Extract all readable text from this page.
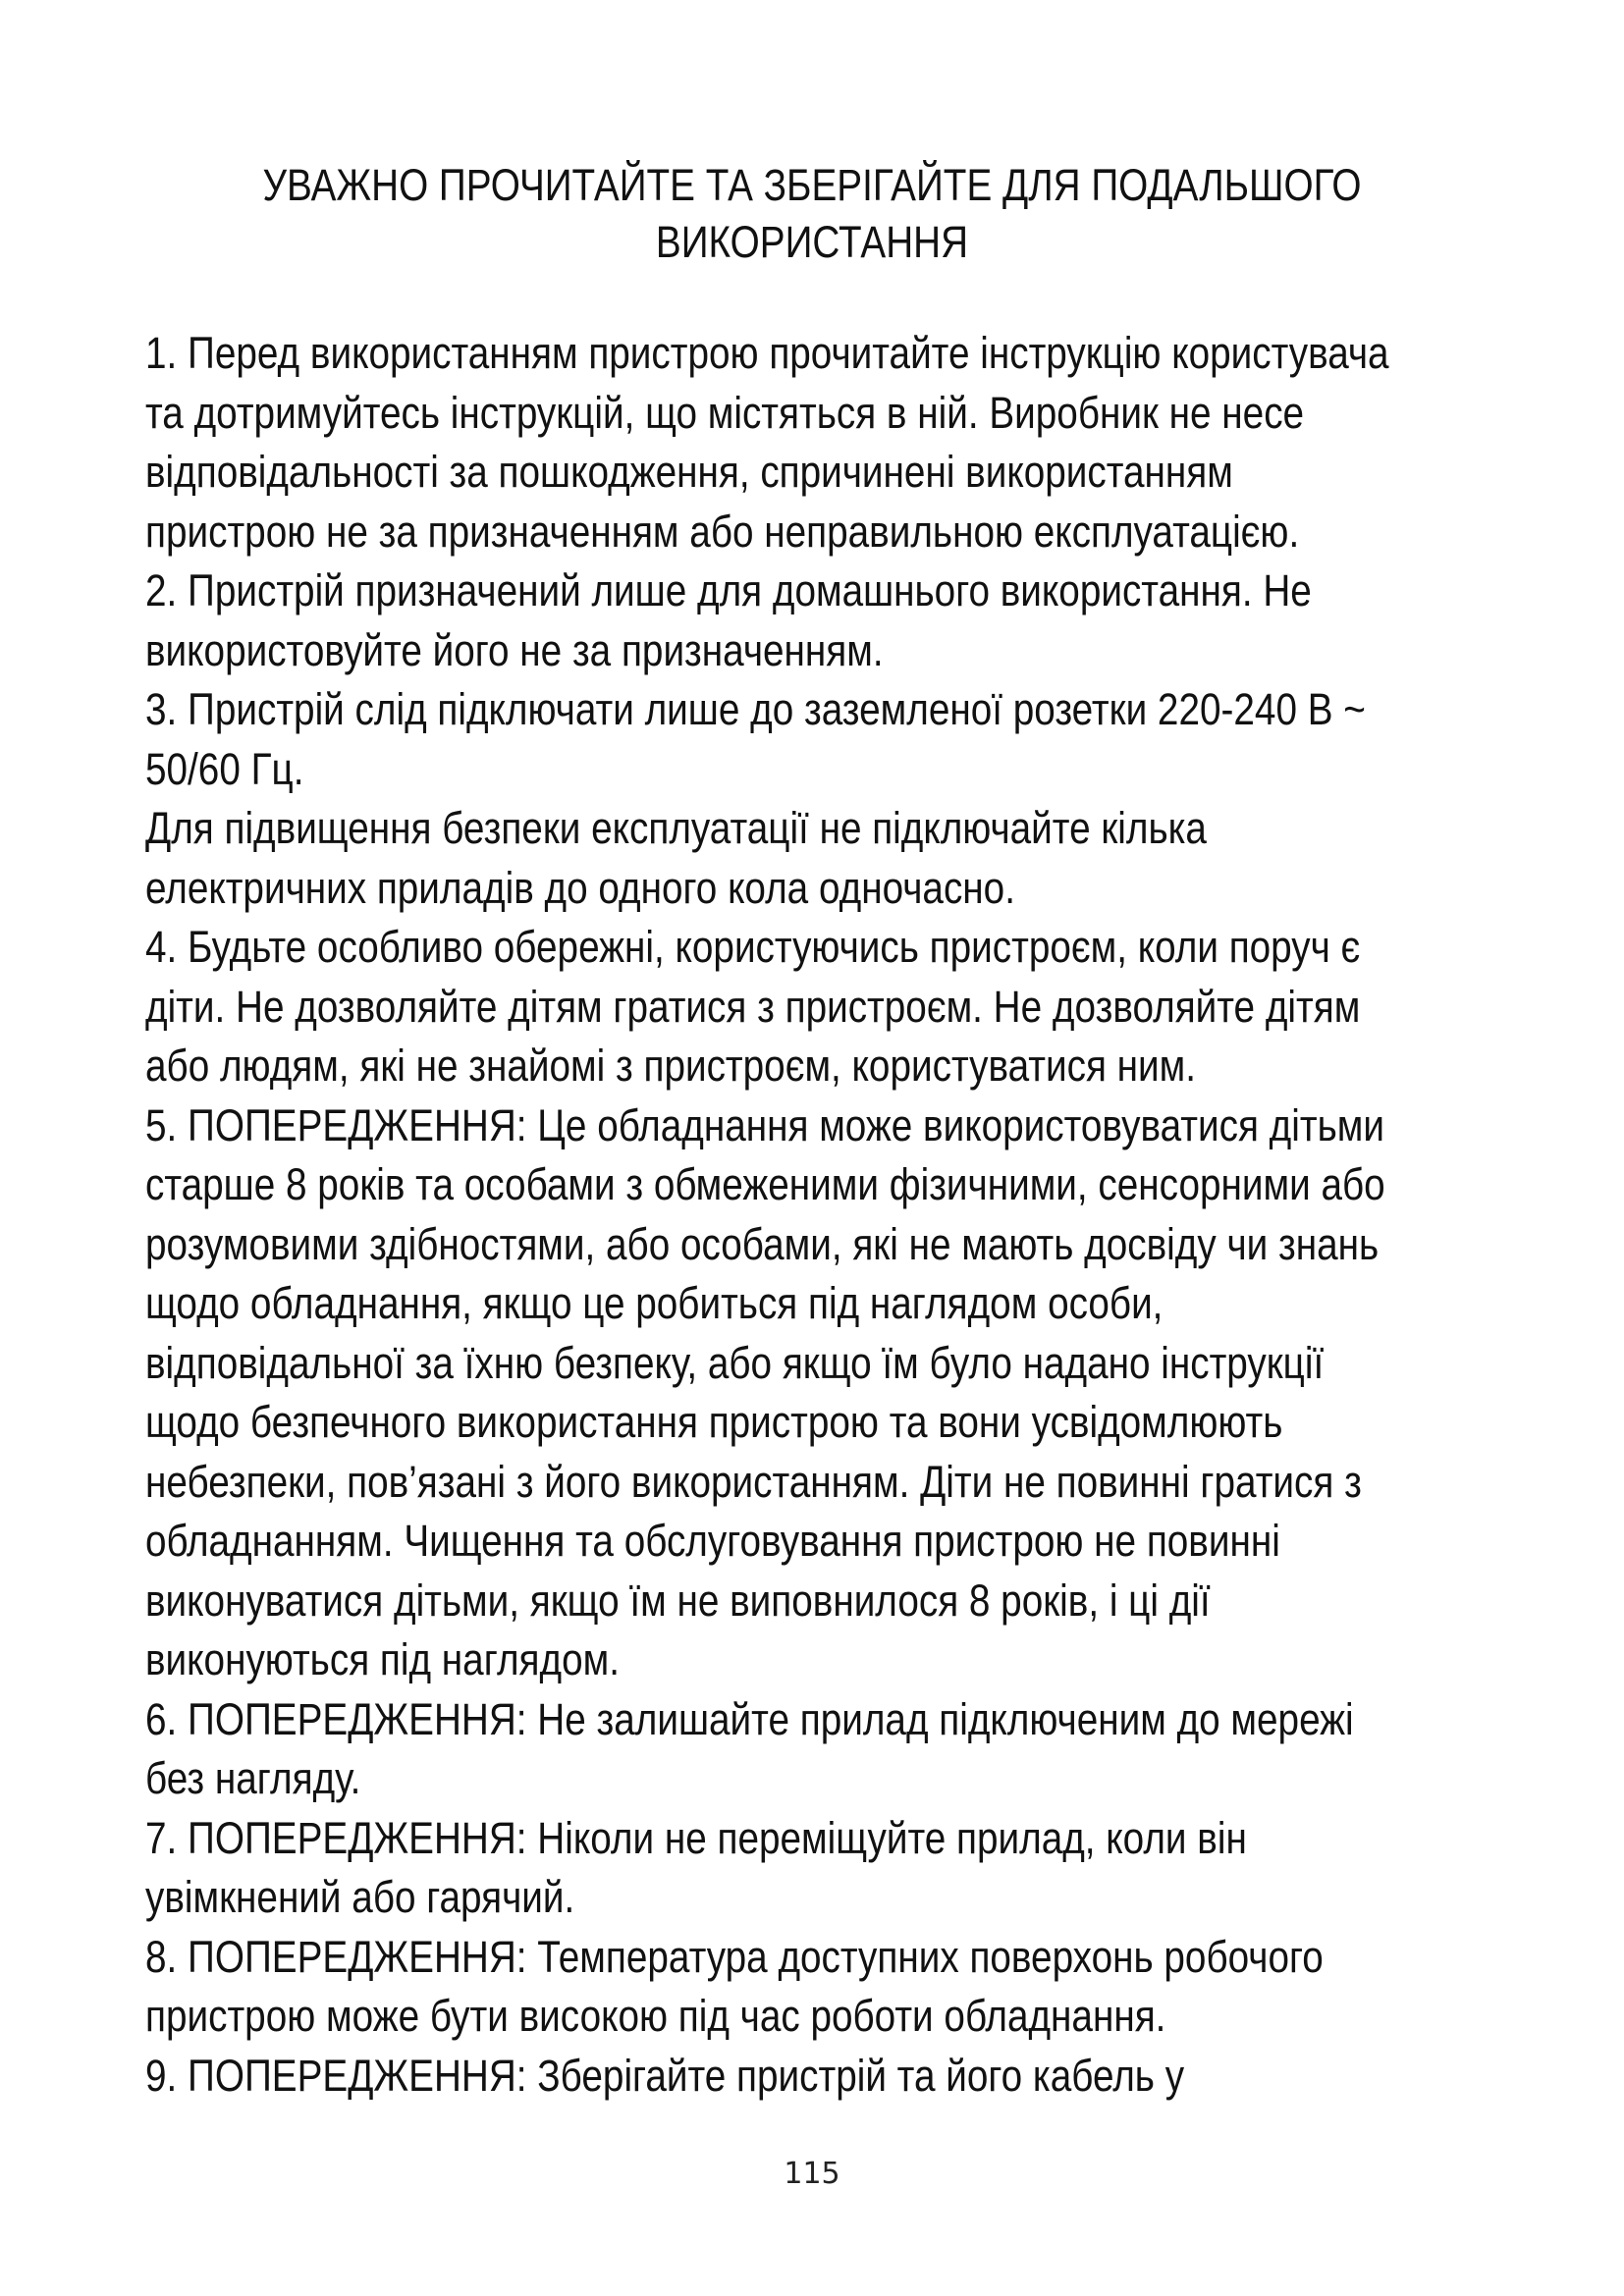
УВАЖНО ПРОЧИТАЙТЕ ТА ЗБЕРІГАЙТЕ ДЛЯ ПОДАЛЬШОГО
ВИКОРИСТАННЯ
1. Перед використанням пристрою прочитайте інструкцію користувача
та дотримуйтесь інструкцій, що містяться в ній. Виробник не несе
відповідальності за пошкодження, спричинені використанням
пристрою не за призначенням або неправильною експлуатацією.
2. Пристрій призначений лише для домашнього використання. Не
використовуйте його не за призначенням.
3. Пристрій слід підключати лише до заземленої розетки 220-240 В ~
50/60 Гц.
Для підвищення безпеки експлуатації не підключайте кілька
електричних приладів до одного кола одночасно.
4. Будьте особливо обережні, користуючись пристроєм, коли поруч є
діти. Не дозволяйте дітям гратися з пристроєм. Не дозволяйте дітям
або людям, які не знайомі з пристроєм, користуватися ним.
5. ПОПЕРЕДЖЕННЯ: Це обладнання може використовуватися дітьми
старше 8 років та особами з обмеженими фізичними, сенсорними або
розумовими здібностями, або особами, які не мають досвіду чи знань
щодо обладнання, якщо це робиться під наглядом особи,
відповідальної за їхню безпеку, або якщо їм було надано інструкції
щодо безпечного використання пристрою та вони усвідомлюють
небезпеки, пов’язані з його використанням. Діти не повинні гратися з
обладнанням. Чищення та обслуговування пристрою не повинні
виконуватися дітьми, якщо їм не виповнилося 8 років, і ці дії
виконуються під наглядом.
6. ПОПЕРЕДЖЕННЯ: Не залишайте прилад підключеним до мережі
без нагляду.
7. ПОПЕРЕДЖЕННЯ: Ніколи не переміщуйте прилад, коли він
увімкнений або гарячий.
8. ПОПЕРЕДЖЕННЯ: Температура доступних поверхонь робочого
пристрою може бути високою під час роботи обладнання.
9. ПОПЕРЕДЖЕННЯ: Зберігайте пристрій та його кабель у
115
